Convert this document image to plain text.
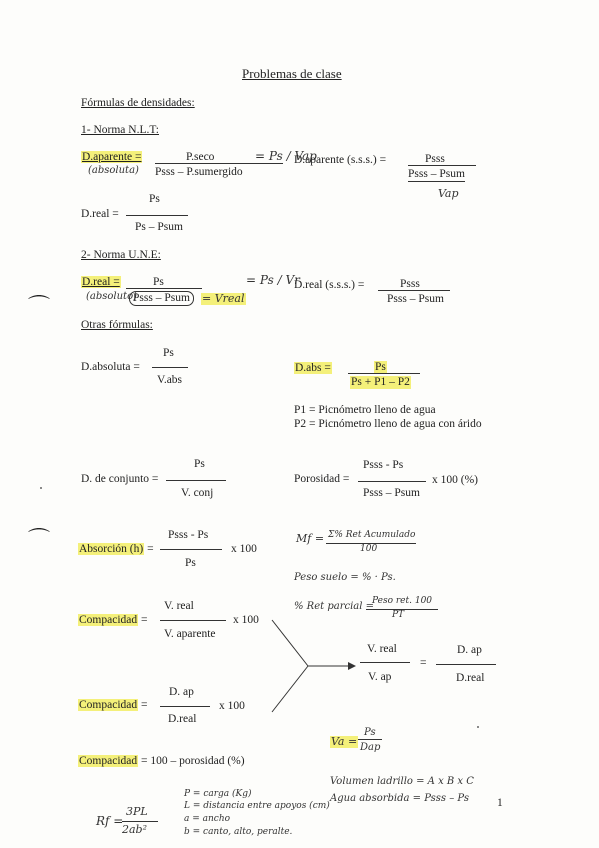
⌒
⌒
Problemas de clase
Fórmulas de densidades:
1- Norma N.L.T:
D.aparente =
(absoluta)
P.seco
Psss – P.sumergido
= Ps / Vap
D.aparente (s.s.s.) =	Psss
Psss – Psum
Vap
D.real =
Ps
Ps – Psum
2- Norma U.N.E:
D.real =
(absoluto)
Ps
Psss – Psum	= Vreal
= Ps / Vr
D.real (s.s.s.) =	Psss
Psss – Psum
Otras fórmulas:
D.absoluta =
Ps
V.abs
D.abs =	Ps
Ps + P1 – P2
P1 = Picnómetro lleno de agua
P2 = Picnómetro lleno de agua con árido
D. de conjunto =
Ps
V. conj
Porosidad =
Psss - Ps
Psss – Psum
x 100 (%)
Absorción (h) =
Psss - Ps
Ps
x 100
Compacidad =
V. real
V. aparente
x 100
V. real
V. ap
=
D. ap
D.real
Compacidad =
D. ap
D.real
x 100
Compacidad = 100 – porosidad (%)
Mf = Σ% Ret Acumulado
100
Peso suelo = % · Ps.
% Ret parcial =
Peso ret. 100
PT
Va =
Ps
Dap
Volumen ladrillo = A x B x C
Agua absorbida = Psss – Ps
Rf =
3PL
2ab²
P = carga (Kg)
L = distancia entre apoyos (cm)
a = ancho
b = canto, alto, peralte.
1
